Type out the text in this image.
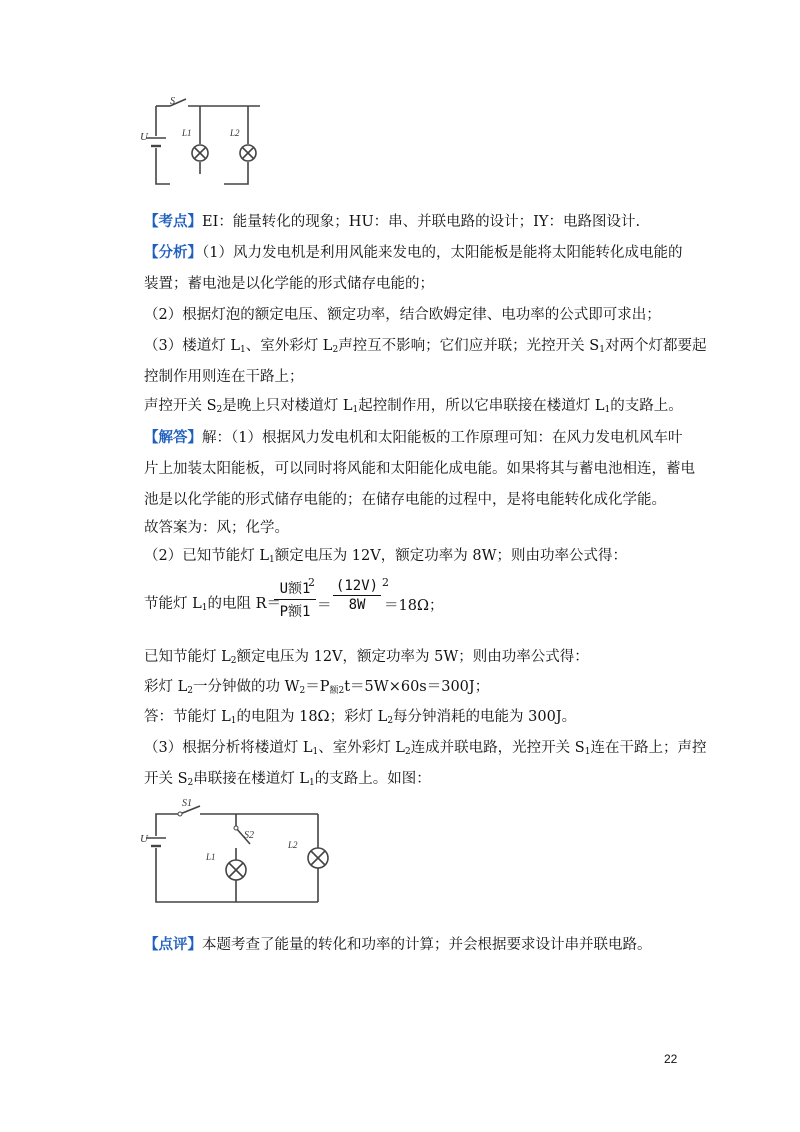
S
U	L1	L2
【考点】EI：能量转化的现象；HU：串、并联电路的设计；IY：电路图设计.
【分析】（1）风力发电机是利用风能来发电的，太阳能板是能将太阳能转化成电能的
装置；蓄电池是以化学能的形式储存电能的；
（2）根据灯泡的额定电压、额定功率，结合欧姆定律、电功率的公式即可求出；
（3）楼道灯 $L_1$、室外彩灯 $L_2$声控互不影响；它们应并联；光控开关 $S_1$对两个灯都要起
控制作用则连在干路上；
声控开关 $S_2$是晚上只对楼道灯 $L_1$起控制作用，所以它串联接在楼道灯 $L_1$的支路上。
【解答】解：（1）根据风力发电机和太阳能板的工作原理可知：在风力发电机风车叶
片上加装太阳能板，可以同时将风能和太阳能化成电能。如果将其与蓄电池相连，蓄电
池是以化学能的形式储存电能的；在储存电能的过程中，是将电能转化成化学能。
故答案为：风；化学。
（2）已知节能灯 $L_1$额定电压为 12V，额定功率为 8W；则由功率公式得：
节能灯 $L_1$的电阻 R＝
U额1
P额1
2
＝
(12V)
8W
2
＝18Ω；
已知节能灯 $L_2$额定电压为 12V，额定功率为 5W；则由功率公式得：
彩灯 $L_2$一分钟做的功 $W_2=P_{额2}t=5W\times 60s=300J$；
答：节能灯 $L_1$的电阻为 18Ω；彩灯 $L_2$每分钟消耗的电能为 300J。
（3）根据分析将楼道灯 $L_1$、室外彩灯 $L_2$连成并联电路，光控开关 $S_1$连在干路上；声控
开关 $S_2$串联接在楼道灯 $L_1$的支路上。如图：
S1
S2
U
L1
L2
【点评】本题考查了能量的转化和功率的计算；并会根据要求设计串并联电路。
22
